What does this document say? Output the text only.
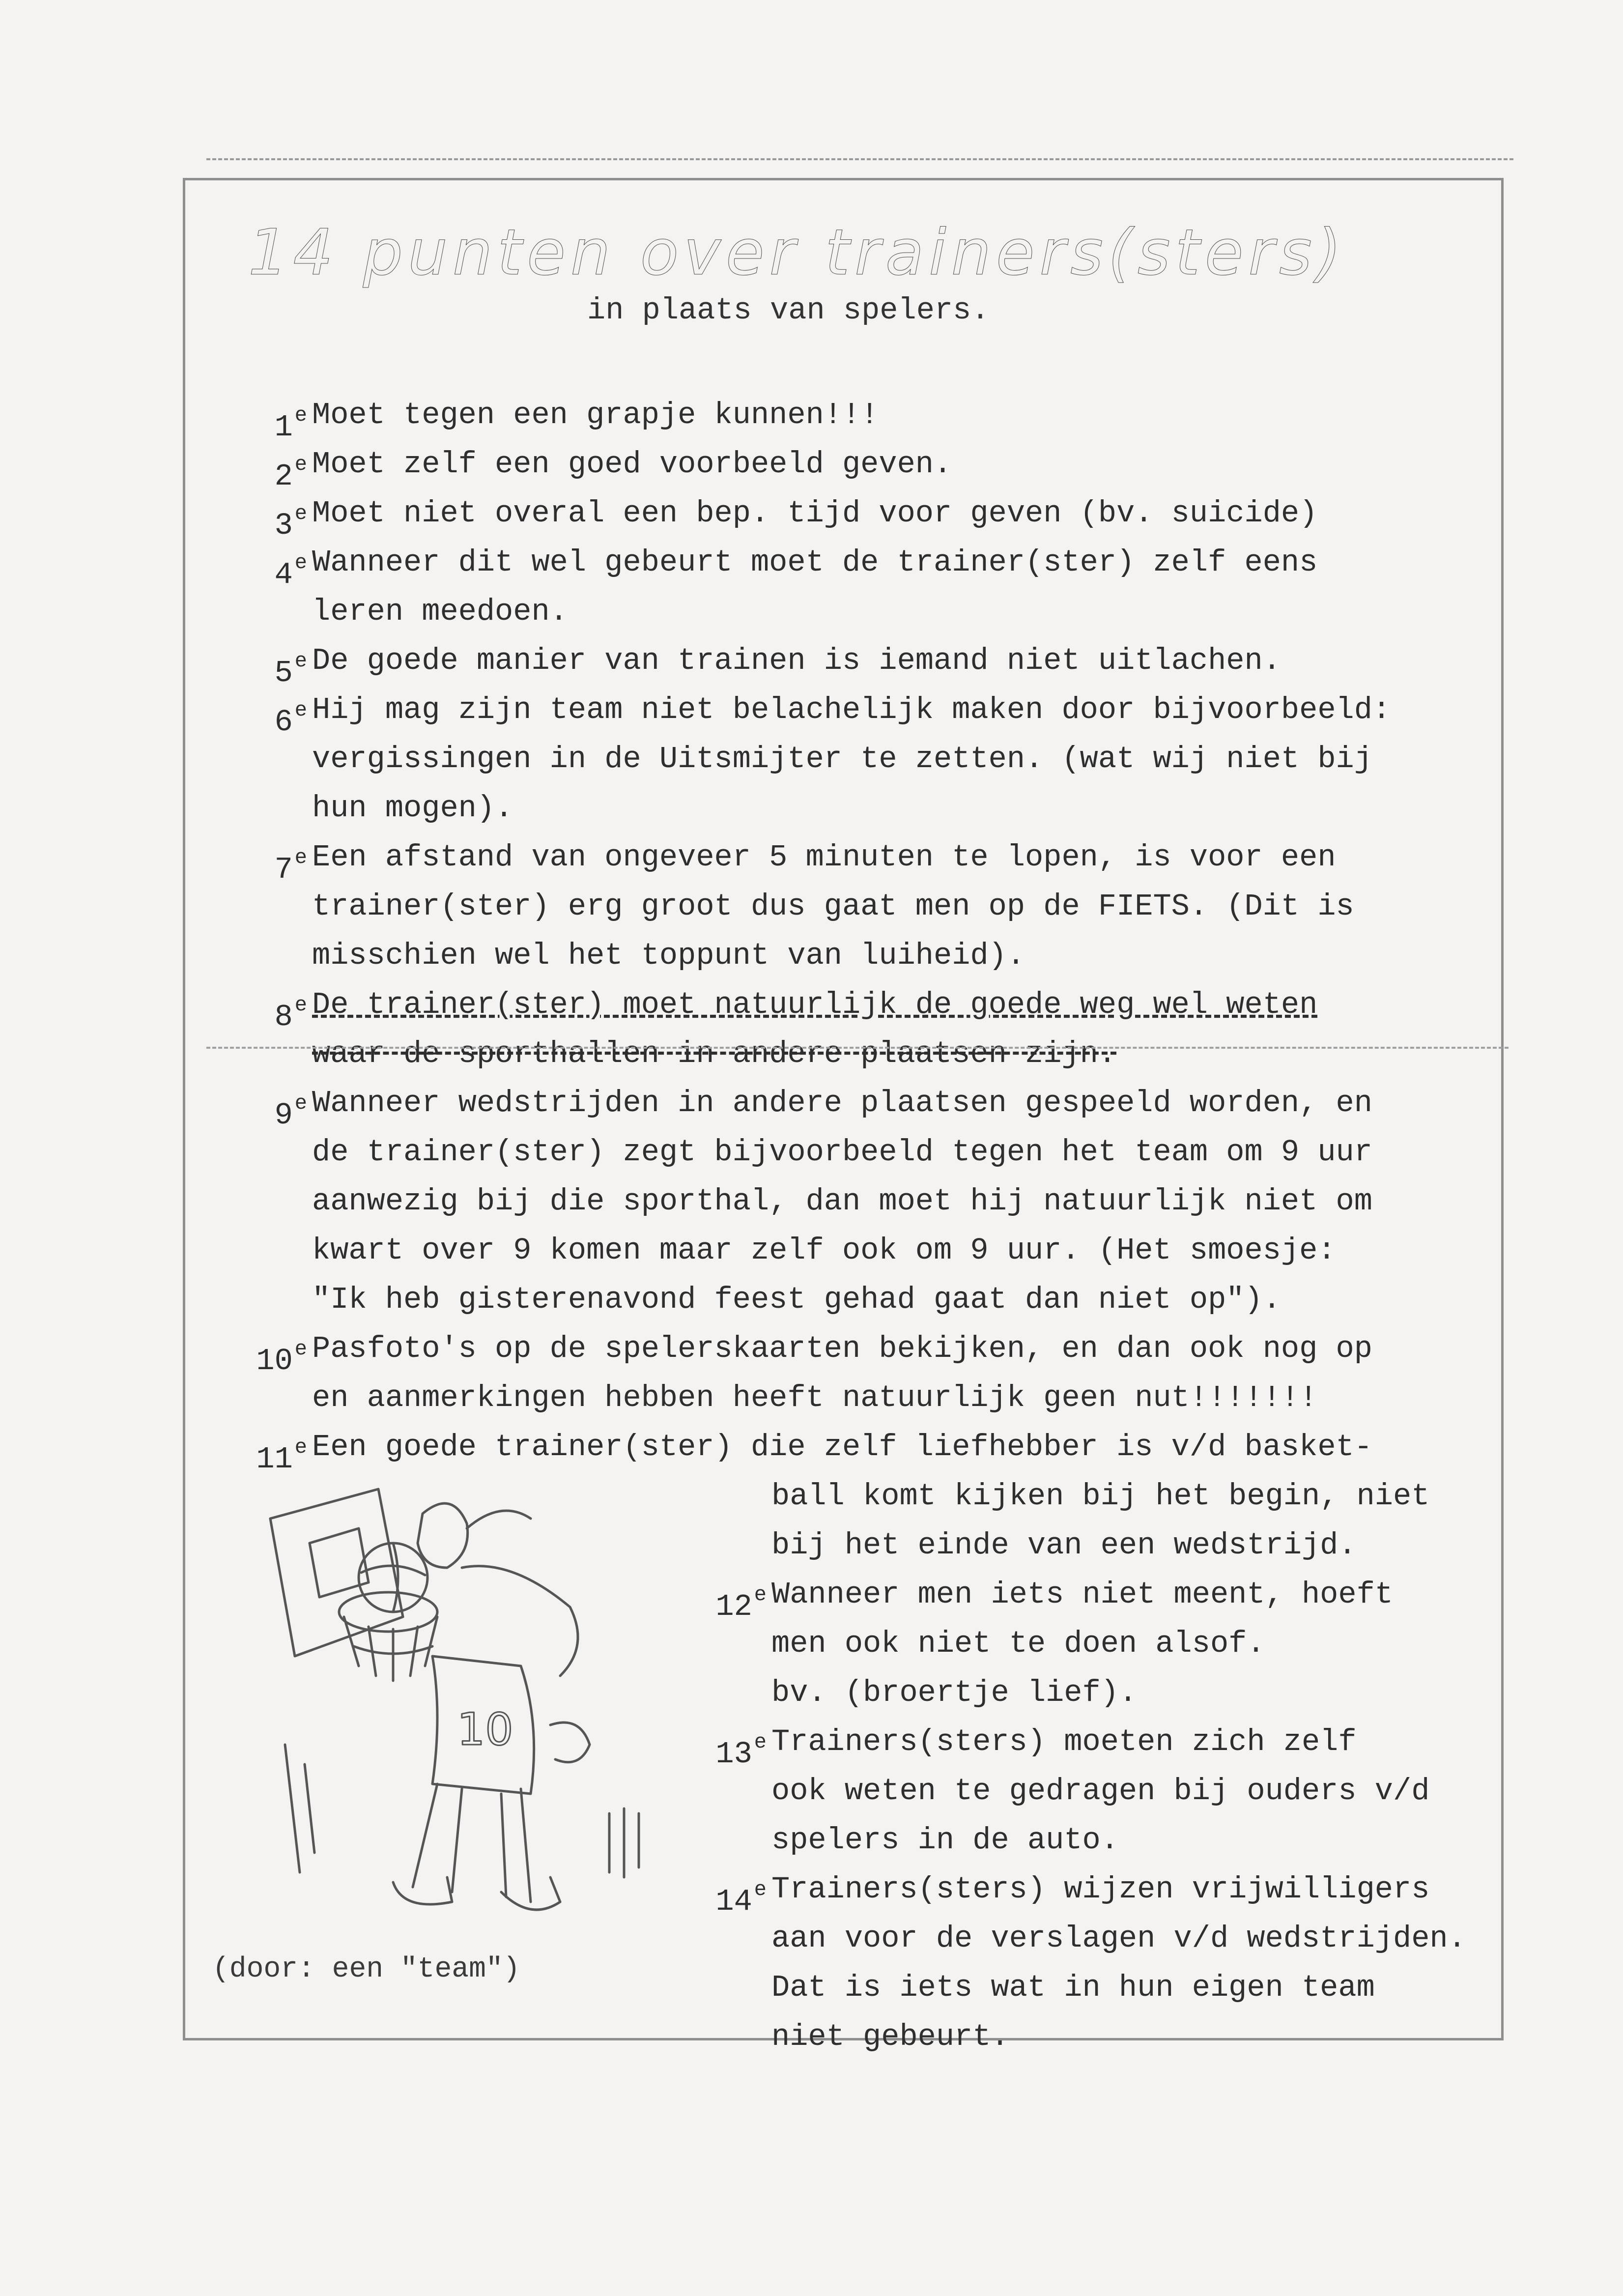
14 punten over trainers(sters)
in plaats van spelers.
1e Moet tegen een grapje kunnen!!!
2e Moet zelf een goed voorbeeld geven.
3e Moet niet overal een bep. tijd voor geven (bv. suicide)
4e Wanneer dit wel gebeurt moet de trainer(ster) zelf eens
leren meedoen.
5e De goede manier van trainen is iemand niet uitlachen.
6e Hij mag zijn team niet belachelijk maken door bijvoorbeeld:
vergissingen in de Uitsmijter te zetten. (wat wij niet bij
hun mogen).
7e Een afstand van ongeveer 5 minuten te lopen, is voor een
trainer(ster) erg groot dus gaat men op de FIETS. (Dit is
misschien wel het toppunt van luiheid).
8e De trainer(ster) moet natuurlijk de goede weg wel weten
waar de sporthallen in andere plaatsen zijn.
9e Wanneer wedstrijden in andere plaatsen gespeeld worden, en
de trainer(ster) zegt bijvoorbeeld tegen het team om 9 uur
aanwezig bij die sporthal, dan moet hij natuurlijk niet om
kwart over 9 komen maar zelf ook om 9 uur. (Het smoesje:
"Ik heb gisterenavond feest gehad gaat dan niet op").
10e Pasfoto's op de spelerskaarten bekijken, en dan ook nog op
en aanmerkingen hebben heeft natuurlijk geen nut!!!!!!!
11e Een goede trainer(ster) die zelf liefhebber is v/d basket-
ball komt kijken bij het begin, niet
bij het einde van een wedstrijd.
12e Wanneer men iets niet meent, hoeft
men ook niet te doen alsof.
bv. (broertje lief).
13e Trainers(sters) moeten zich zelf
ook weten te gedragen bij ouders v/d
spelers in de auto.
14e Trainers(sters) wijzen vrijwilligers
aan voor de verslagen v/d wedstrijden.
Dat is iets wat in hun eigen team
niet gebeurt.
10
(door: een "team")
